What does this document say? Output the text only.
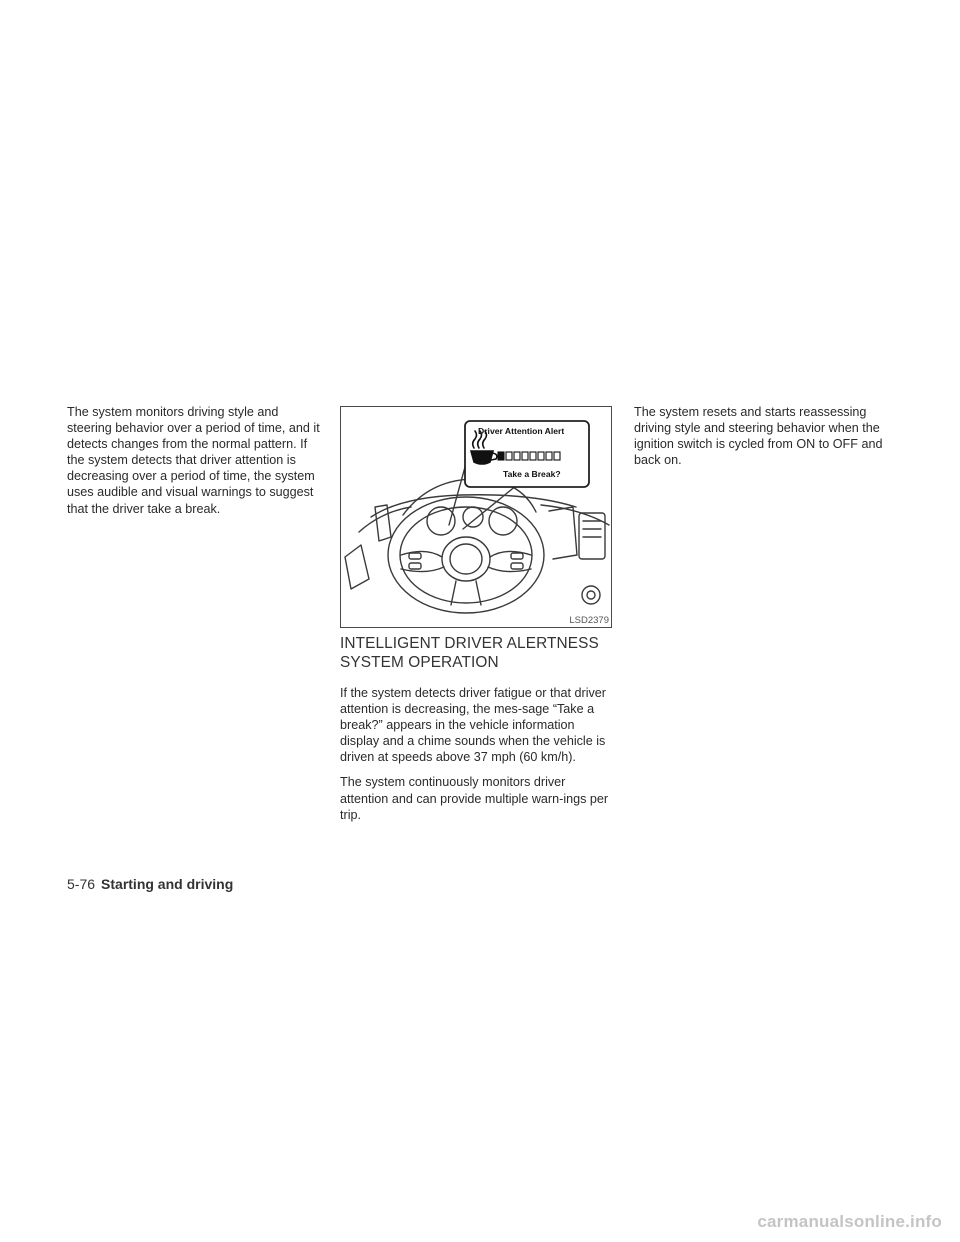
The system monitors driving style and steering behavior over a period of time, and it detects changes from the normal pattern. If the system detects that driver attention is decreasing over a period of time, the system uses audible and visual warnings to suggest that the driver take a break.

Driver Attention Alert
Take a Break?
LSD2379
INTELLIGENT DRIVER ALERTNESS
SYSTEM OPERATION

If the system detects driver fatigue or that driver attention is decreasing, the mes-sage “Take a break?” appears in the vehicle information display and a chime sounds when the vehicle is driven at speeds above 37 mph (60 km/h).

The system continuously monitors driver attention and can provide multiple warn-ings per trip.

The system resets and starts reassessing driving style and steering behavior when the ignition switch is cycled from ON to OFF and back on.

5-76 Starting and driving
carmanualsonline.info
